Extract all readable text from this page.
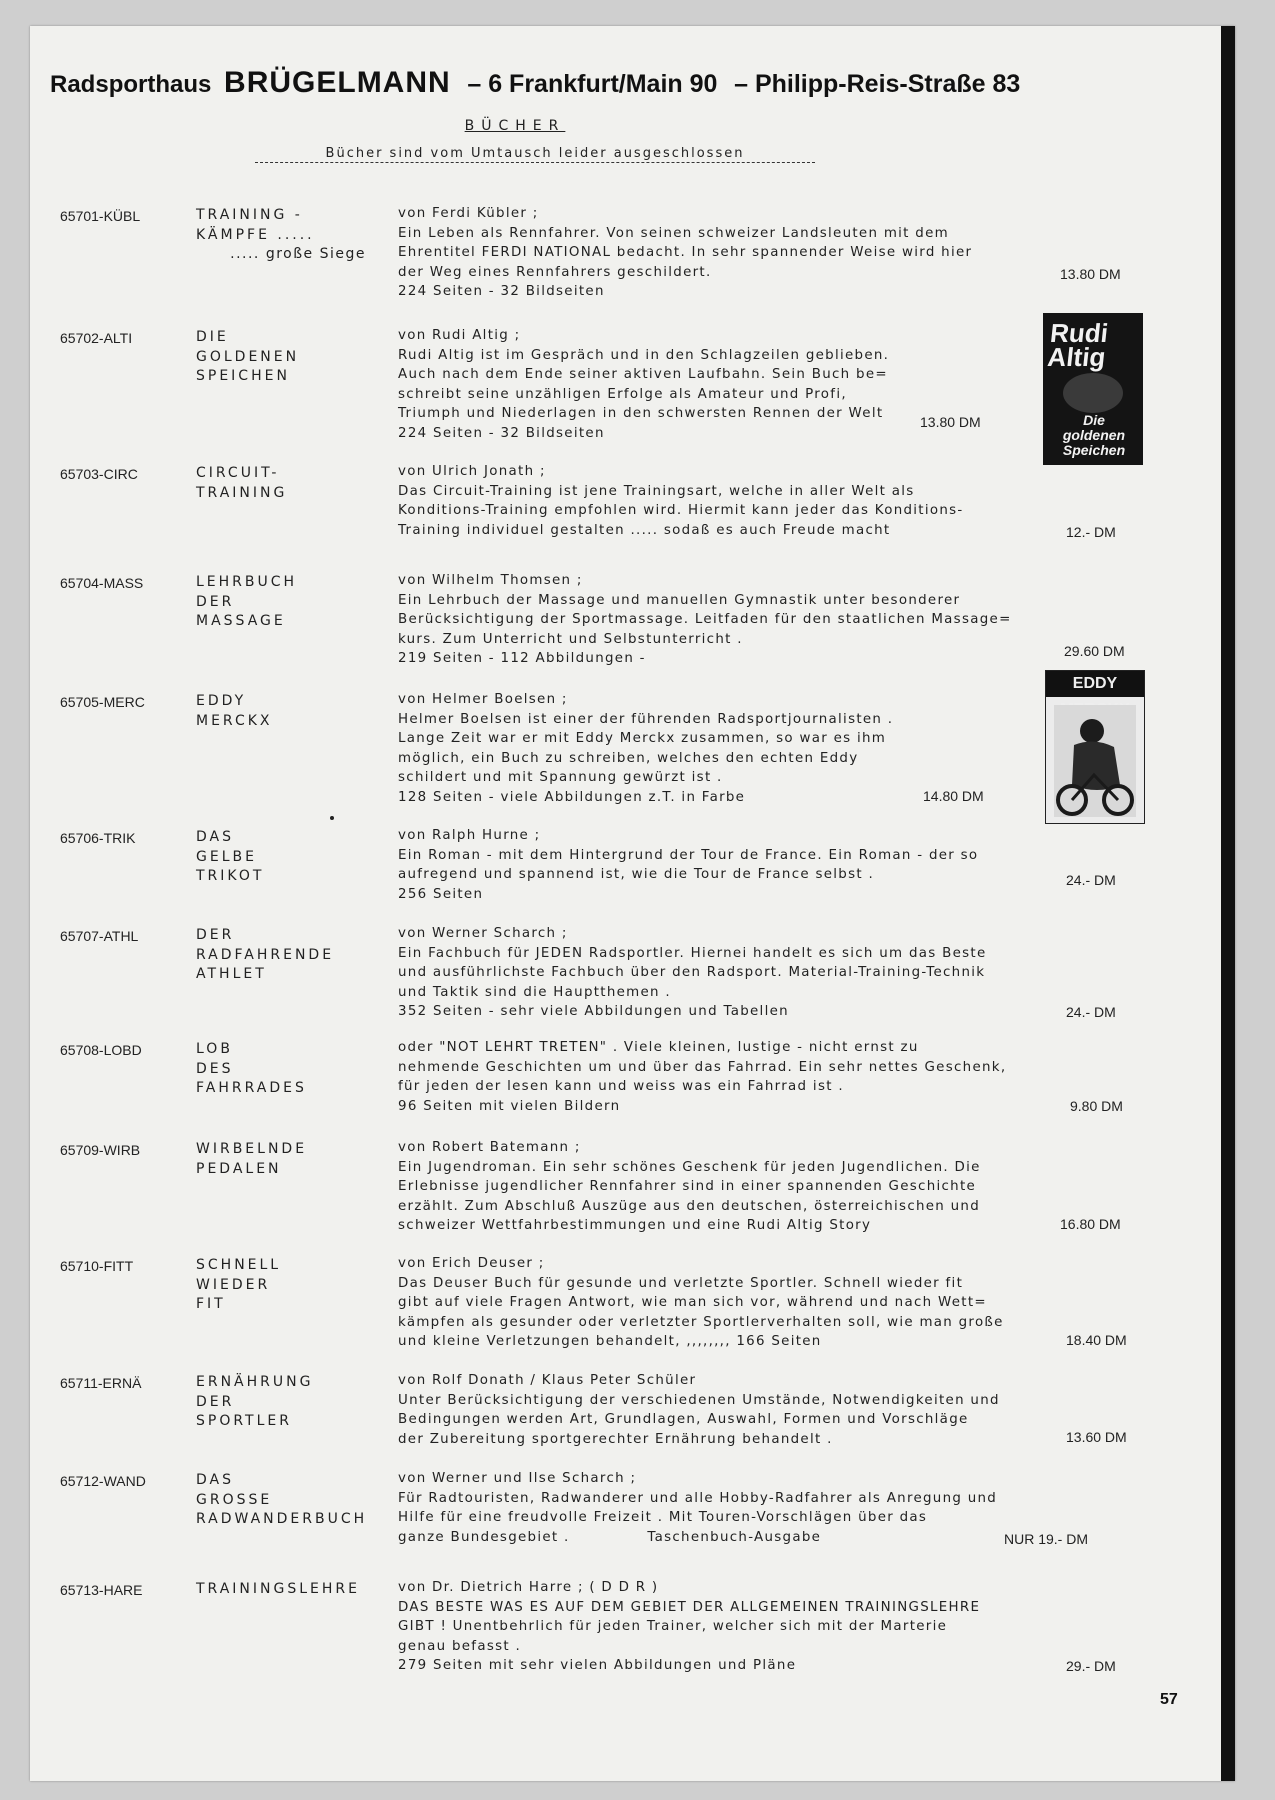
Radsporthaus BRÜGELMANN – 6 Frankfurt/Main 90 – Philipp-Reis-Straße 83
BÜCHER
Bücher sind vom Umtausch leider ausgeschlossen
65701-KÜBL	TRAINING -
KÄMPFE .....
..... große Siege
von Ferdi Kübler ;
Ein Leben als Rennfahrer. Von seinen schweizer Landsleuten mit dem
Ehrentitel FERDI NATIONAL bedacht. In sehr spannender Weise wird hier
der Weg eines Rennfahrers geschildert.
224 Seiten - 32 Bildseiten
13.80 DM
65702-ALTI	DIE
GOLDENEN
SPEICHEN
von Rudi Altig ;
Rudi Altig ist im Gespräch und in den Schlagzeilen geblieben.
Auch nach dem Ende seiner aktiven Laufbahn. Sein Buch be=
schreibt seine unzähligen Erfolge als Amateur und Profi,
Triumph und Niederlagen in den schwersten Rennen der Welt
224 Seiten - 32 Bildseiten
13.80 DM
Rudi
Altig
Die
goldenen
Speichen
65703-CIRC	CIRCUIT-
TRAINING
von Ulrich Jonath ;
Das Circuit-Training ist jene Trainingsart, welche in aller Welt als
Konditions-Training empfohlen wird. Hiermit kann jeder das Konditions-
Training individuel gestalten ..... sodaß es auch Freude macht	12.- DM
65704-MASS	LEHRBUCH
DER
MASSAGE
von Wilhelm Thomsen ;
Ein Lehrbuch der Massage und manuellen Gymnastik unter besonderer
Berücksichtigung der Sportmassage. Leitfaden für den staatlichen Massage=
kurs. Zum Unterricht und Selbstunterricht .
219 Seiten - 112 Abbildungen -	29.60 DM
65705-MERC	EDDY
MERCKX
von Helmer Boelsen ;
Helmer Boelsen ist einer der führenden Radsportjournalisten .
Lange Zeit war er mit Eddy Merckx zusammen, so war es ihm
möglich, ein Buch zu schreiben, welches den echten Eddy
schildert und mit Spannung gewürzt ist .
128 Seiten - viele Abbildungen z.T. in Farbe	14.80 DM
EDDY
65706-TRIK	DAS
GELBE
TRIKOT
von Ralph Hurne ;
Ein Roman - mit dem Hintergrund der Tour de France. Ein Roman - der so
aufregend und spannend ist, wie die Tour de France selbst .
256 Seiten
24.- DM
65707-ATHL	DER
RADFAHRENDE
ATHLET
von Werner Scharch ;
Ein Fachbuch für JEDEN Radsportler. Hiernei handelt es sich um das Beste
und ausführlichste Fachbuch über den Radsport. Material-Training-Technik
und Taktik sind die Hauptthemen .
352 Seiten - sehr viele Abbildungen und Tabellen	24.- DM
65708-LOBD	LOB
DES
FAHRRADES
oder "NOT LEHRT TRETEN" . Viele kleinen, lustige - nicht ernst zu
nehmende Geschichten um und über das Fahrrad. Ein sehr nettes Geschenk,
für jeden der lesen kann und weiss was ein Fahrrad ist .
96 Seiten mit vielen Bildern	9.80 DM
65709-WIRB	WIRBELNDE
PEDALEN
von Robert Batemann ;
Ein Jugendroman. Ein sehr schönes Geschenk für jeden Jugendlichen. Die
Erlebnisse jugendlicher Rennfahrer sind in einer spannenden Geschichte
erzählt. Zum Abschluß Auszüge aus den deutschen, österreichischen und
schweizer Wettfahrbestimmungen und eine Rudi Altig Story	16.80 DM
65710-FITT	SCHNELL
WIEDER
FIT
von Erich Deuser ;
Das Deuser Buch für gesunde und verletzte Sportler. Schnell wieder fit
gibt auf viele Fragen Antwort, wie man sich vor, während und nach Wett=
kämpfen als gesunder oder verletzter Sportlerverhalten soll, wie man große
und kleine Verletzungen behandelt, ,,,,,,,, 166 Seiten	18.40 DM
65711-ERNÄ	ERNÄHRUNG
DER
SPORTLER
von Rolf Donath / Klaus Peter Schüler
Unter Berücksichtigung der verschiedenen Umstände, Notwendigkeiten und
Bedingungen werden Art, Grundlagen, Auswahl, Formen und Vorschläge
der Zubereitung sportgerechter Ernährung behandelt .	13.60 DM
65712-WAND	DAS
GROSSE
RADWANDERBUCH
von Werner und Ilse Scharch ;
Für Radtouristen, Radwanderer und alle Hobby-Radfahrer als Anregung und
Hilfe für eine freudvolle Freizeit . Mit Touren-Vorschlägen über das
ganze Bundesgebiet .              Taschenbuch-Ausgabe	NUR 19.- DM
65713-HARE	TRAININGSLEHRE	von Dr. Dietrich Harre ; ( D D R )
DAS BESTE WAS ES AUF DEM GEBIET DER ALLGEMEINEN TRAININGSLEHRE
GIBT ! Unentbehrlich für jeden Trainer, welcher sich mit der Marterie
genau befasst .
279 Seiten mit sehr vielen Abbildungen und Pläne	29.- DM
57
